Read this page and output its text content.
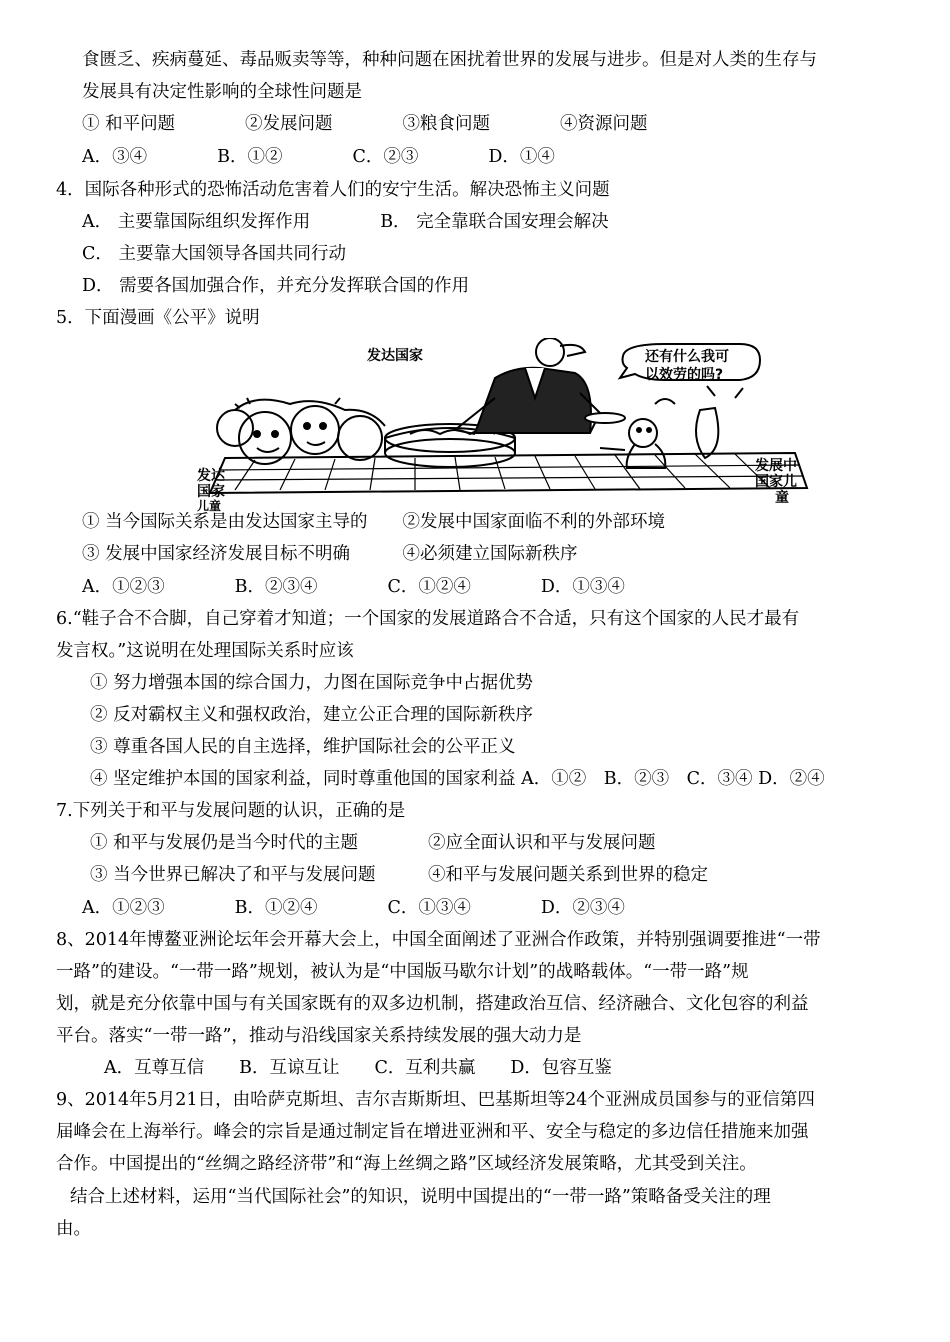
食匮乏、疾病蔓延、毒品贩卖等等，种种问题在困扰着世界的发展与进步。但是对人类的生存与
发展具有决定性影响的全球性问题是
① 和平问题　　　　②发展问题　　　　③粮食问题　　　　④资源问题
A．③④　　　　B．①②　　　　C．②③　　　　D．①④
4．国际各种形式的恐怖活动危害着人们的安宁生活。解决恐怖主义问题
A． 主要靠国际组织发挥作用　　　　B． 完全靠联合国安理会解决
C． 主要靠大国领导各国共同行动
D． 需要各国加强合作，并充分发挥联合国的作用
5．下面漫画《公平》说明
① 当今国际关系是由发达国家主导的　　②发展中国家面临不利的外部环境
③ 发展中国家经济发展目标不明确　　　④必须建立国际新秩序
A．①②③　　　　B．②③④　　　　C．①②④　　　　D．①③④
6.“鞋子合不合脚，自己穿着才知道；一个国家的发展道路合不合适，只有这个国家的人民才最有
发言权。”这说明在处理国际关系时应该
① 努力增强本国的综合国力，力图在国际竞争中占据优势
② 反对霸权主义和强权政治，建立公正合理的国际新秩序
③ 尊重各国人民的自主选择，维护国际社会的公平正义
④ 坚定维护本国的国家利益，同时尊重他国的国家利益 A．①②　B．②③　C．③④ D．②④
7.下列关于和平与发展问题的认识，正确的是
① 和平与发展仍是当今时代的主题　　　　②应全面认识和平与发展问题
③ 当今世界已解决了和平与发展问题　　　④和平与发展问题关系到世界的稳定
A．①②③　　　　B．①②④　　　　C．①③④　　　　D．②③④
8、2014年博鳌亚洲论坛年会开幕大会上，中国全面阐述了亚洲合作政策，并特别强调要推进“一带
一路”的建设。“一带一路”规划，被认为是“中国版马歇尔计划”的战略载体。“一带一路”规
划，就是充分依靠中国与有关国家既有的双多边机制，搭建政治互信、经济融合、文化包容的利益
平台。落实“一带一路”，推动与沿线国家关系持续发展的强大动力是
A．互尊互信　　B．互谅互让　　C．互利共赢　　D．包容互鉴
9、2014年5月21日，由哈萨克斯坦、吉尔吉斯斯坦、巴基斯坦等24个亚洲成员国参与的亚信第四
届峰会在上海举行。峰会的宗旨是通过制定旨在增进亚洲和平、安全与稳定的多边信任措施来加强
合作。中国提出的“丝绸之路经济带”和“海上丝绸之路”区域经济发展策略，尤其受到关注。
结合上述材料，运用“当代国际社会”的知识，说明中国提出的“一带一路”策略备受关注的理
由。
发达国家	还有什么我可
以效劳的吗?
发达
国家
儿童
发展中
国家儿
童
